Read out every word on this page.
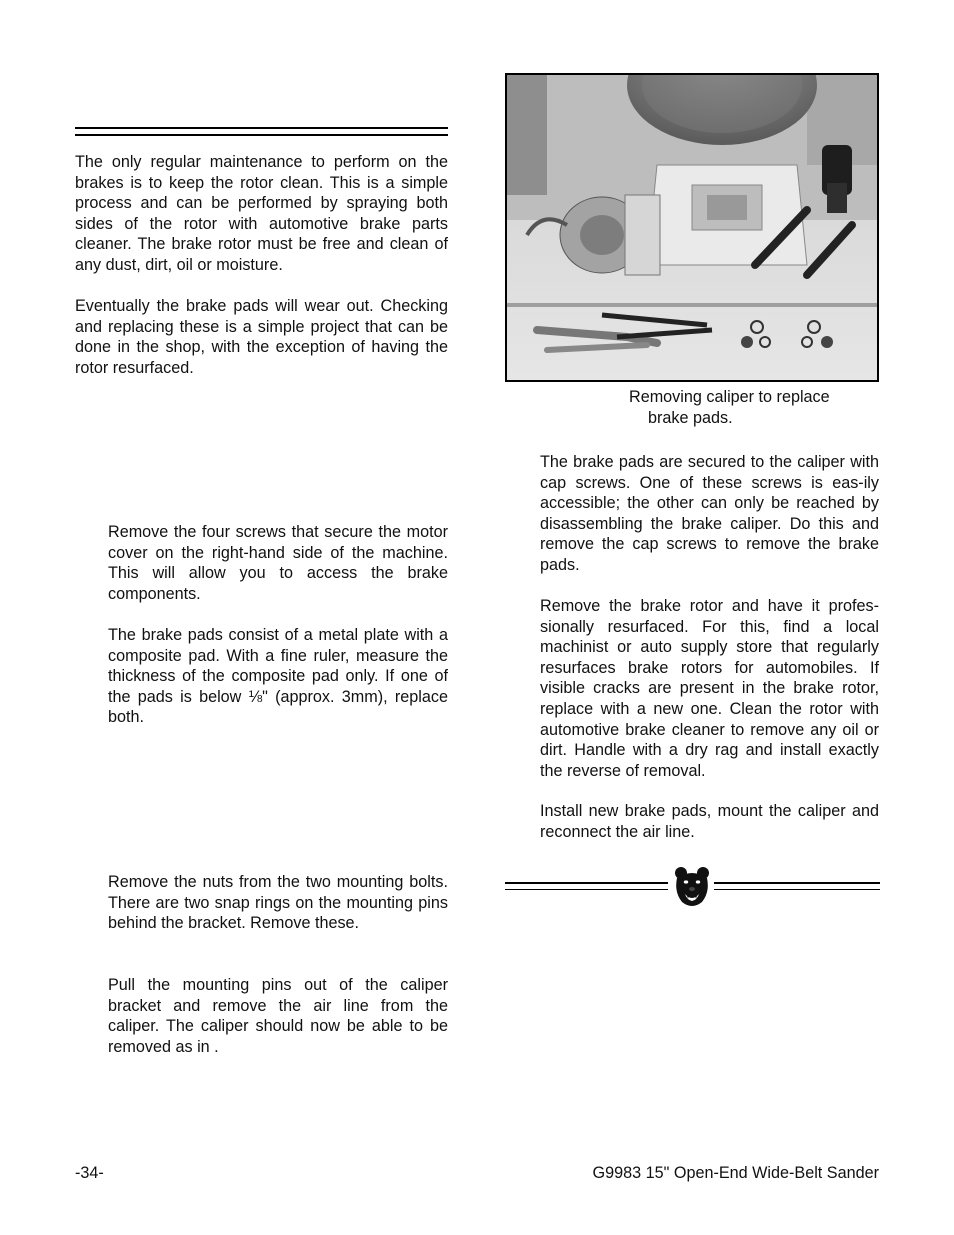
The only regular maintenance to perform on the brakes is to keep the rotor clean. This is a simple process and can be performed by spraying both sides of the rotor with automotive brake parts cleaner. The brake rotor must be free and clean of any dust, dirt, oil or moisture.

Eventually the brake pads will wear out. Checking and replacing these is a simple project that can be done in the shop, with the exception of having the rotor resurfaced.

Remove the four screws that secure the motor cover on the right-hand side of the machine. This will allow you to access the brake components.

The brake pads consist of a metal plate with a composite pad. With a fine ruler, measure the thickness of the composite pad only. If one of the pads is below ⅛" (approx. 3mm), replace both.

Remove the nuts from the two mounting bolts. There are two snap rings on the mounting pins behind the bracket. Remove these.

Pull the mounting pins out of the caliper bracket and remove the air line from the caliper. The caliper should now be able to be removed as in .

Removing caliper to replace
brake pads.

The brake pads are secured to the caliper with cap screws. One of these screws is eas-ily accessible; the other can only be reached by disassembling the brake caliper. Do this and remove the cap screws to remove the brake pads.

Remove the brake rotor and have it profes-sionally resurfaced. For this, find a local machinist or auto supply store that regularly resurfaces brake rotors for automobiles. If visible cracks are present in the brake rotor, replace with a new one. Clean the rotor with automotive brake cleaner to remove any oil or dirt. Handle with a dry rag and install exactly the reverse of removal.

Install new brake pads, mount the caliper and reconnect the air line.

-34-	G9983 15" Open-End Wide-Belt Sander
